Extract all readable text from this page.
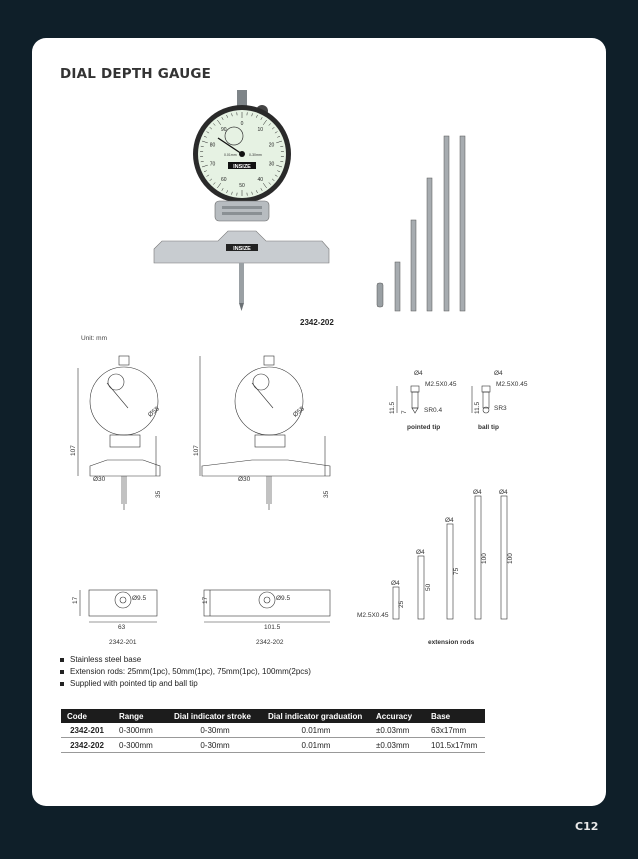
DIAL DEPTH GAUGE
0
10
20
30
40
50
60
70
80
90
INSIZE
0.01mm	0-30mm
INSIZE
2342-202
Unit: mm
Ø58
Ø30
107
35
17	Ø9.5
63
2342-201
Ø58
Ø30
107
35
17	Ø9.5
101.5
2342-202
Ø4
M2.5X0.45
11.5 7 SR0.4
pointed tip
Ø4
M2.5X0.45
11.5 SR3
ball tip
Ø4
Ø4
Ø4
Ø4	Ø4
25
50
75
100	100
M2.5X0.45
extension rods
Stainless steel base
Extension rods: 25mm(1pc), 50mm(1pc), 75mm(1pc), 100mm(2pcs)
Supplied with pointed tip and ball tip
Code	Range	Dial indicator stroke	Dial indicator graduation	Accuracy	Base
2342-201	0-300mm	0-30mm	0.01mm	±0.03mm	63x17mm
2342-202	0-300mm	0-30mm	0.01mm	±0.03mm	101.5x17mm
C12
